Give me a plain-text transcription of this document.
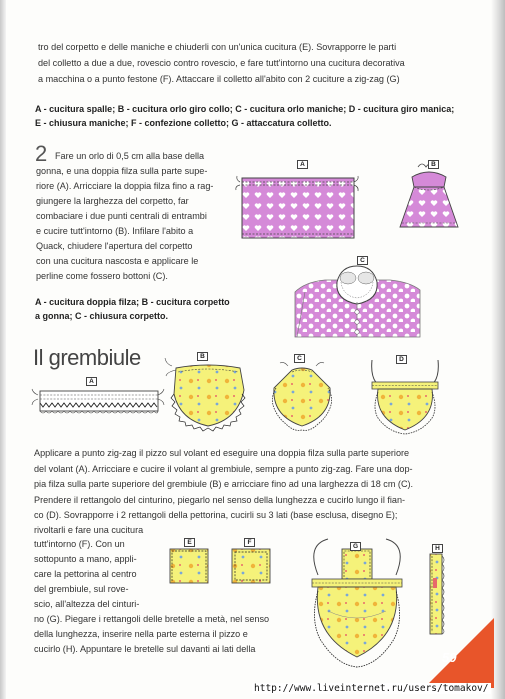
tro del corpetto e delle maniche e chiuderli con un'unica cucitura (E). Sovrapporre le parti
del colletto a due a due, rovescio contro rovescio, e fare tutt'intorno una cucitura decorativa
a macchina o a punto festone (F). Attaccare il colletto all'abito con 2 cuciture a zig-zag (G)
A - cucitura spalle; B - cucitura orlo giro collo; C - cucitura orlo maniche; D - cucitura giro manica;
E - chiusura maniche; F - confezione colletto; G - attaccatura colletto.
2 Fare un orlo di 0,5 cm alla base della
gonna, e una doppia filza sulla parte supe-
riore (A). Arricciare la doppia filza fino a rag-
giungere la larghezza del corpetto, far
combaciare i due punti centrali di entrambi
e cucire tutt'intorno (B). Infilare l'abito a
Quack, chiudere l'apertura del corpetto
con una cucitura nascosta e applicare le
perline come fossero bottoni (C).
A - cucitura doppia filza; B - cucitura corpetto
a gonna; C - chiusura corpetto.
A	B
C
Il grembiule
A
B	C	D
Applicare a punto zig-zag il pizzo sul volant ed eseguire una doppia filza sulla parte superiore
del volant (A). Arricciare e cucire il volant al grembiule, sempre a punto zig-zag. Fare una dop-
pia filza sulla parte superiore del grembiule (B) e arricciare fino ad una larghezza di 18 cm (C).
Prendere il rettangolo del cinturino, piegarlo nel senso della lunghezza e cucirlo lungo il fian-
co (D). Sovrapporre i 2 rettangoli della pettorina, cucirli su 3 lati (base esclusa, disegno E);
rivoltarli e fare una cucitura
tutt'intorno (F). Con un
sottopunto a mano, appli-
care la pettorina al centro
del grembiule, sul rove-
scio, all'altezza del cinturi-
no (G). Piegare i rettangoli delle bretelle a metà, nel senso
della lunghezza, inserire nella parte esterna il pizzo e
cucirlo (H). Appuntare le bretelle sul davanti ai lati della
E	F
G	H
59
http://www.liveinternet.ru/users/tomakov/
